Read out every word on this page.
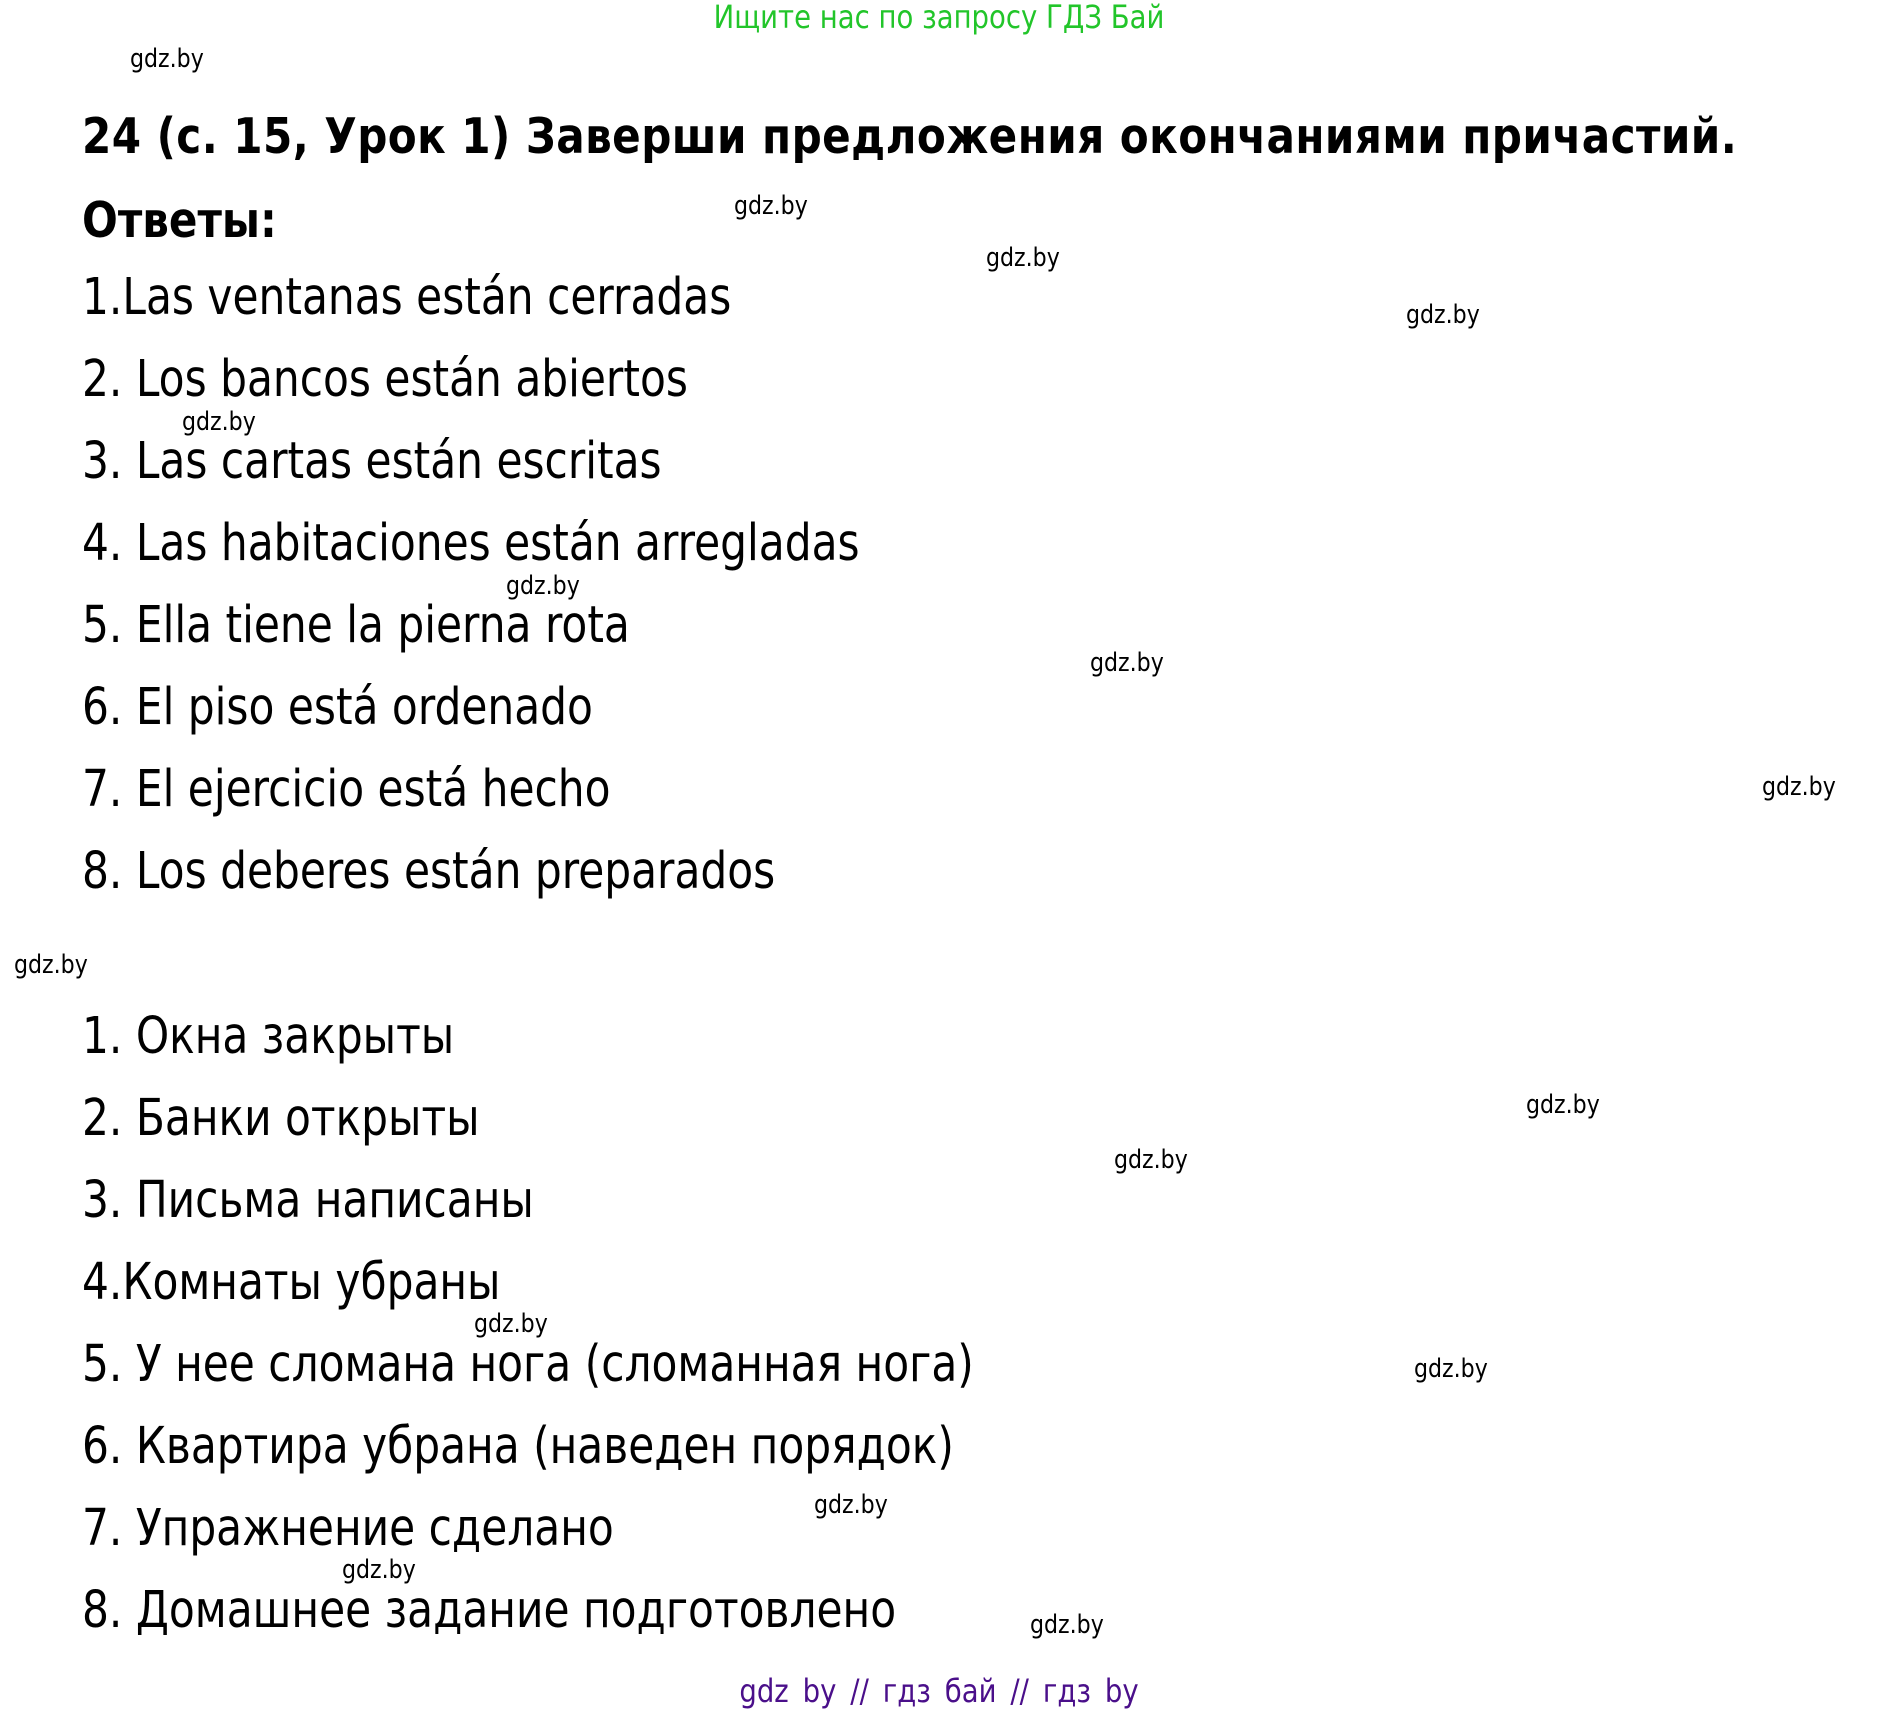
Ищите нас по запросу ГДЗ Бай
gdz.by
24 (с. 15, Урок 1) Заверши предложения окончаниями причастий.
Ответы:	gdz.by
gdz.by
gdz.by
1.Las ventanas están cerradas
2. Los bancos están abiertos
3. Las cartas están escritas
4. Las habitaciones están arregladas
5. Ella tiene la pierna rota
6. El piso está ordenado
7. El ejercicio está hecho
8. Los deberes están preparados
gdz.by
gdz.by
gdz.by
gdz.by
gdz.by
1. Окна закрыты
2. Банки открыты
3. Письма написаны
4.Комнаты убраны
5. У нее сломана нога (сломанная нога)
6. Квартира убрана (наведен порядок)
7. Упражнение сделано
8. Домашнее задание подготовлено
gdz.by
gdz.by
gdz.by
gdz.by
gdz.by
gdz.by
gdz.by
gdz by // гдз бай // гдз by
